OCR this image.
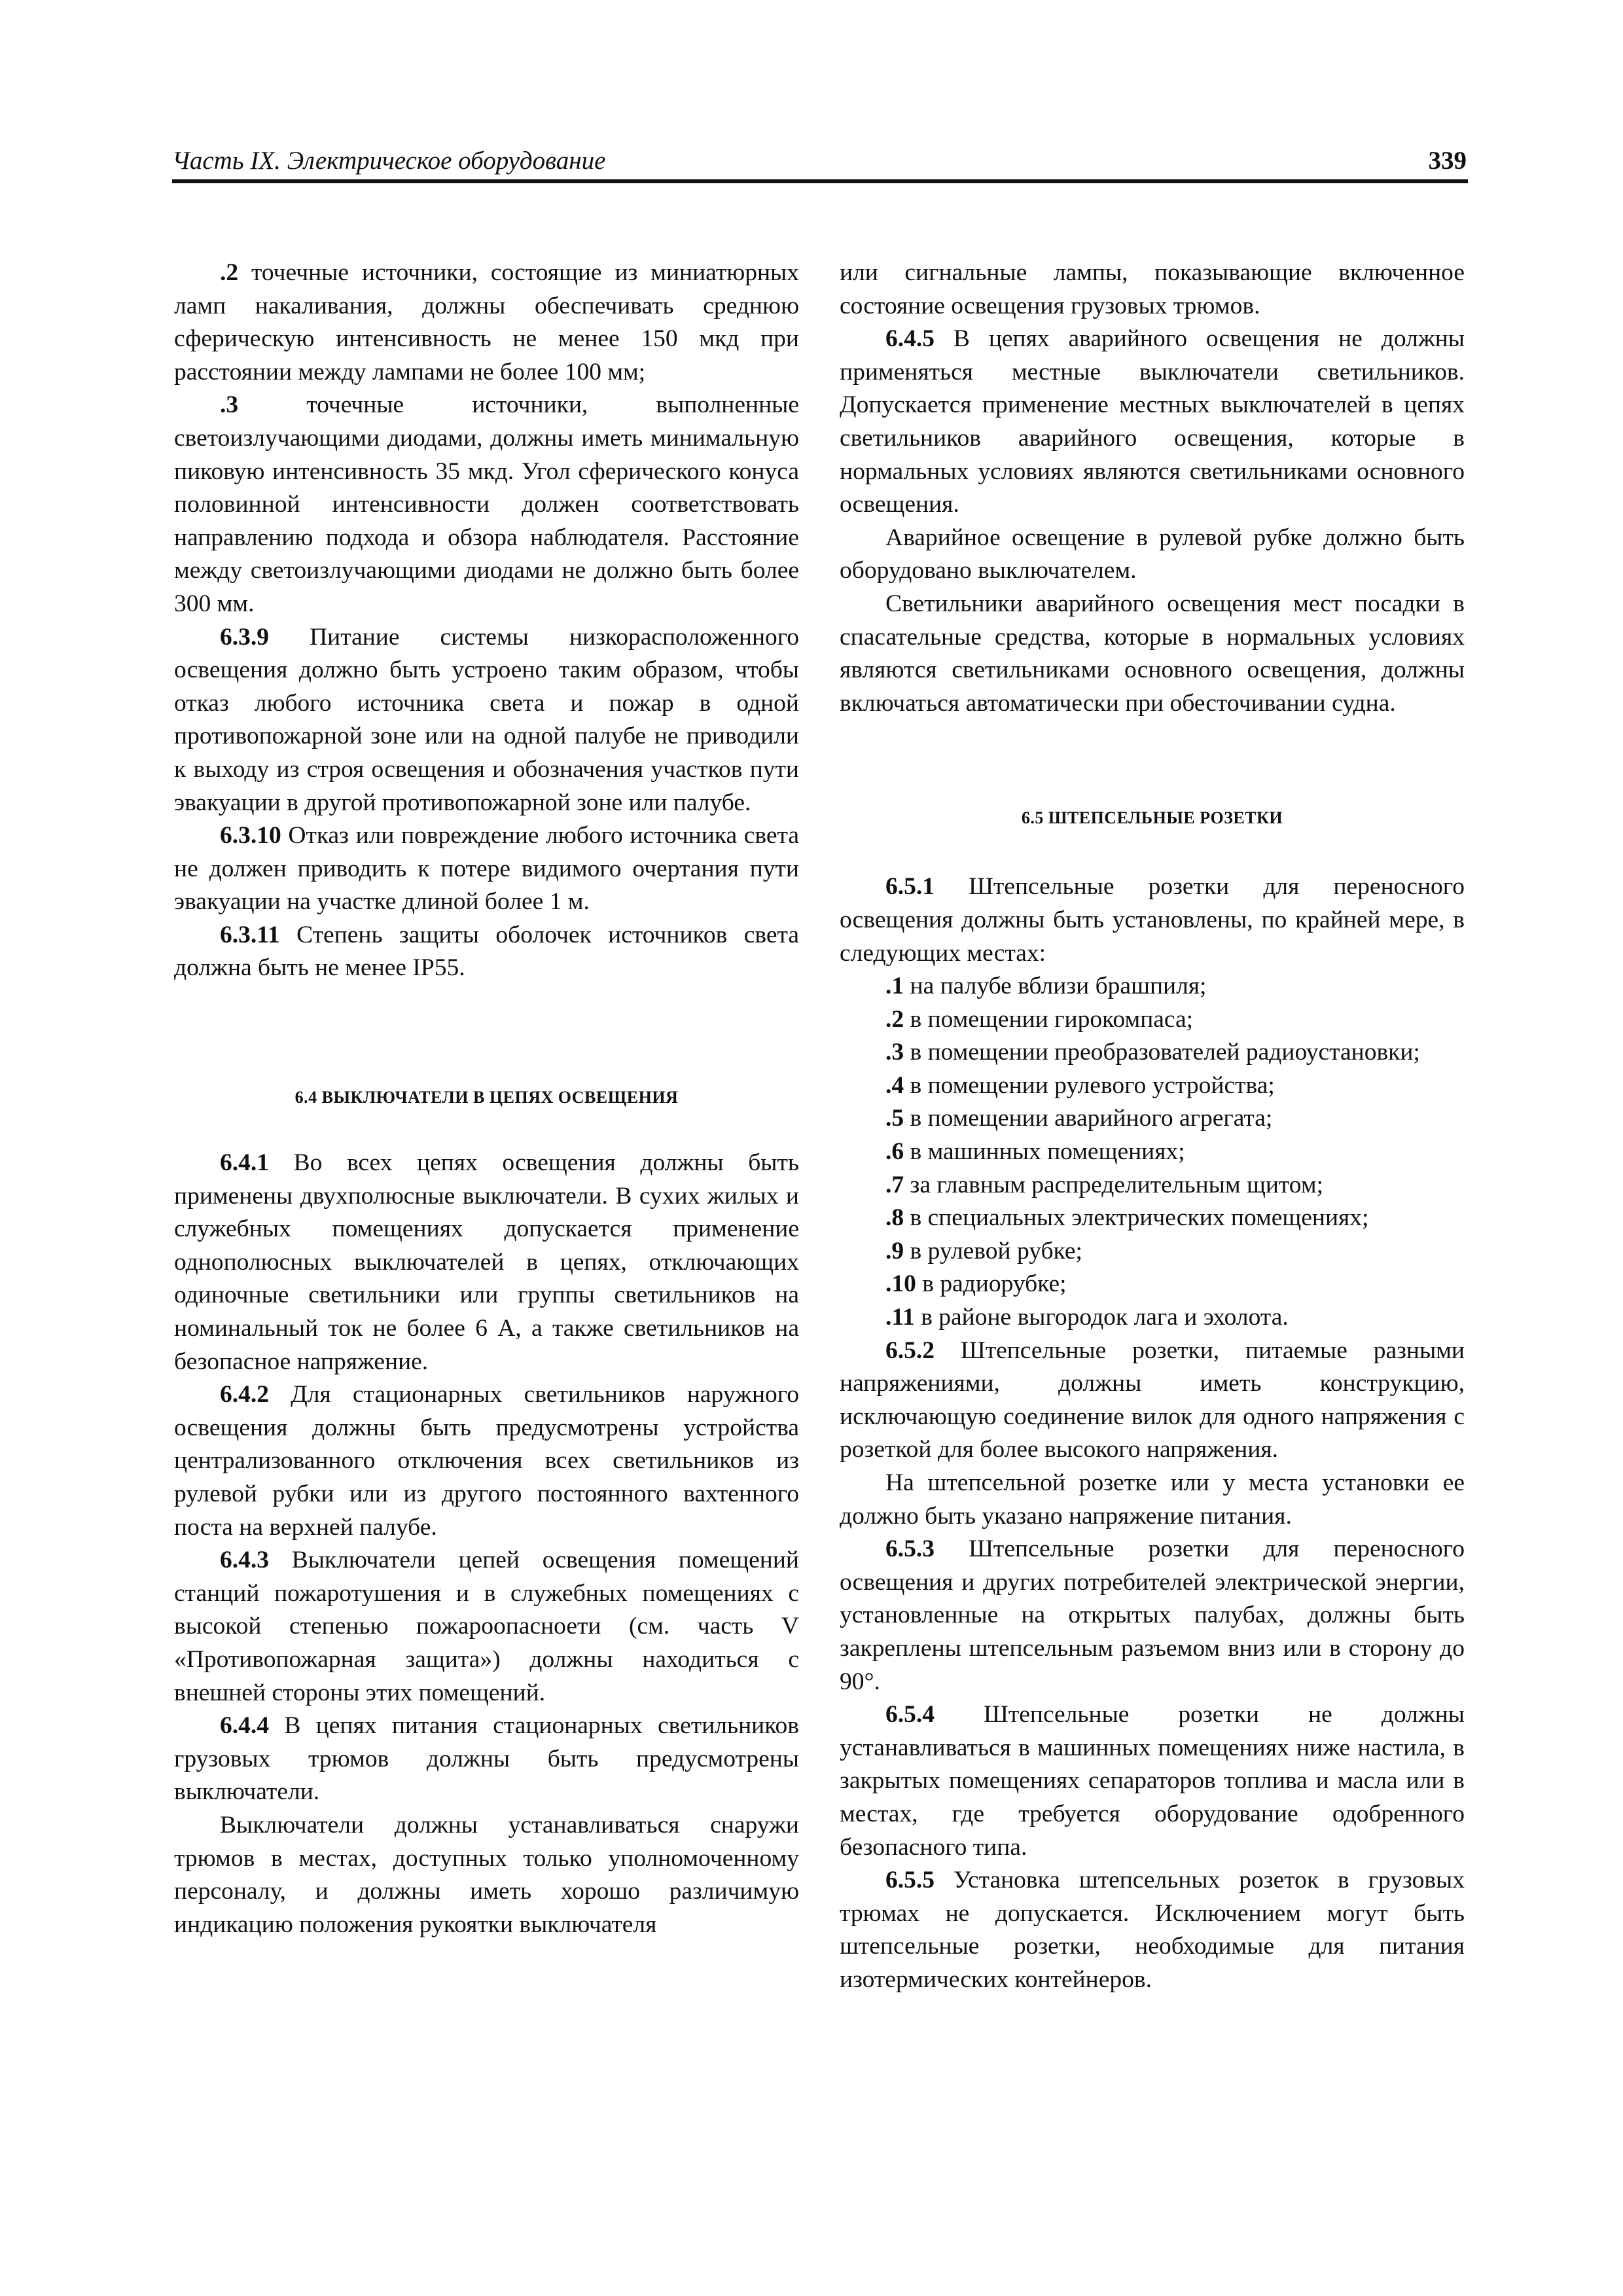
Часть IX. Электрическое оборудование	339

.2 точечные источники, состоящие из миниатюрных ламп накаливания, должны обеспечивать среднюю сферическую интенсивность не менее 150 мкд при расстоянии между лампами не более 100 мм;

.3 точечные источники, выполненные светоизлучающими диодами, должны иметь минимальную пиковую интенсивность 35 мкд. Угол сферического конуса половинной интенсивности должен соответствовать направлению подхода и обзора наблюдателя. Расстояние между светоизлучающими диодами не должно быть более 300 мм.

6.3.9 Питание системы низкорасположенного освещения должно быть устроено таким образом, чтобы отказ любого источника света и пожар в одной противопожарной зоне или на одной палубе не приводили к выходу из строя освещения и обозначения участков пути эвакуации в другой противопожарной зоне или палубе.

6.3.10 Отказ или повреждение любого источника света не должен приводить к потере видимого очертания пути эвакуации на участке длиной более 1 м.

6.3.11 Степень защиты оболочек источников света должна быть не менее IP55.

6.4 ВЫКЛЮЧАТЕЛИ В ЦЕПЯХ ОСВЕЩЕНИЯ

6.4.1 Во всех цепях освещения должны быть применены двухполюсные выключатели. В сухих жилых и служебных помещениях допускается применение однополюсных выключателей в цепях, отключающих одиночные светильники или группы светильников на номинальный ток не более 6 А, а также светильников на безопасное напряжение.

6.4.2 Для стационарных светильников наружного освещения должны быть предусмотрены устройства централизованного отключения всех светильников из рулевой рубки или из другого постоянного вахтенного поста на верхней палубе.

6.4.3 Выключатели цепей освещения помещений станций пожаротушения и в служебных помещениях с высокой степенью пожароопасноети (см. часть V «Противопожарная защита») должны находиться с внешней стороны этих помещений.

6.4.4 В цепях питания стационарных светильников грузовых трюмов должны быть предусмотрены выключатели.

Выключатели должны устанавливаться снаружи трюмов в местах, доступных только уполномоченному персоналу, и должны иметь хорошо различимую индикацию положения рукоятки выключателя

или сигнальные лампы, показывающие включенное состояние освещения грузовых трюмов.

6.4.5 В цепях аварийного освещения не должны применяться местные выключатели светильников. Допускается применение местных выключателей в цепях светильников аварийного освещения, которые в нормальных условиях являются светильниками основного освещения.

Аварийное освещение в рулевой рубке должно быть оборудовано выключателем.

Светильники аварийного освещения мест посадки в спасательные средства, которые в нормальных условиях являются светильниками основного освещения, должны включаться автоматически при обесточивании судна.

6.5 ШТЕПСЕЛЬНЫЕ РОЗЕТКИ

6.5.1 Штепсельные розетки для переносного освещения должны быть установлены, по крайней мере, в следующих местах:

.1 на палубе вблизи брашпиля;

.2 в помещении гирокомпаса;

.3 в помещении преобразователей радиоустановки;

.4 в помещении рулевого устройства;

.5 в помещении аварийного агрегата;

.6 в машинных помещениях;

.7 за главным распределительным щитом;

.8 в специальных электрических помещениях;

.9 в рулевой рубке;

.10 в радиорубке;

.11 в районе выгородок лага и эхолота.

6.5.2 Штепсельные розетки, питаемые разными напряжениями, должны иметь конструкцию, исключающую соединение вилок для одного напряжения с розеткой для более высокого напряжения.

На штепсельной розетке или у места установки ее должно быть указано напряжение питания.

6.5.3 Штепсельные розетки для переносного освещения и других потребителей электрической энергии, установленные на открытых палубах, должны быть закреплены штепсельным разъемом вниз или в сторону до 90°.

6.5.4 Штепсельные розетки не должны устанавливаться в машинных помещениях ниже настила, в закрытых помещениях сепараторов топлива и масла или в местах, где требуется оборудование одобренного безопасного типа.

6.5.5 Установка штепсельных розеток в грузовых трюмах не допускается. Исключением могут быть штепсельные розетки, необходимые для питания изотермических контейнеров.
